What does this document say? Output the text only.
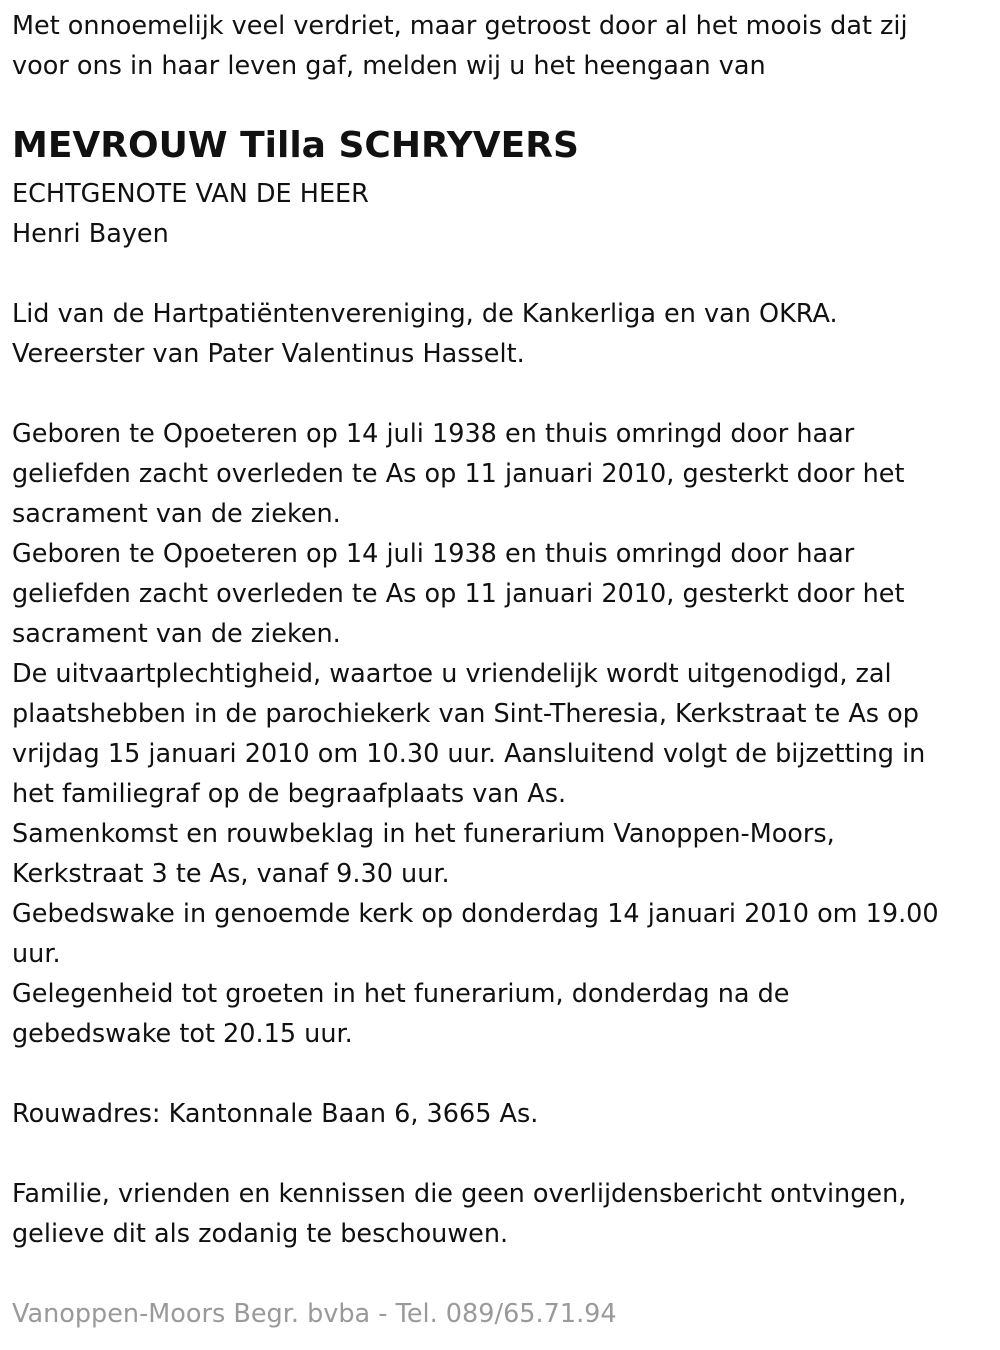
Met onnoemelijk veel verdriet, maar getroost door al het moois dat zij
voor ons in haar leven gaf, melden wij u het heengaan van
MEVROUW Tilla SCHRYVERS
ECHTGENOTE VAN DE HEER
Henri Bayen
Lid van de Hartpatiëntenvereniging, de Kankerliga en van OKRA.
Vereerster van Pater Valentinus Hasselt.
Geboren te Opoeteren op 14 juli 1938 en thuis omringd door haar
geliefden zacht overleden te As op 11 januari 2010, gesterkt door het
sacrament van de zieken.
Geboren te Opoeteren op 14 juli 1938 en thuis omringd door haar
geliefden zacht overleden te As op 11 januari 2010, gesterkt door het
sacrament van de zieken.
De uitvaartplechtigheid, waartoe u vriendelijk wordt uitgenodigd, zal
plaatshebben in de parochiekerk van Sint-Theresia, Kerkstraat te As op
vrijdag 15 januari 2010 om 10.30 uur. Aansluitend volgt de bijzetting in
het familiegraf op de begraafplaats van As.
Samenkomst en rouwbeklag in het funerarium Vanoppen-Moors,
Kerkstraat 3 te As, vanaf 9.30 uur.
Gebedswake in genoemde kerk op donderdag 14 januari 2010 om 19.00
uur.
Gelegenheid tot groeten in het funerarium, donderdag na de
gebedswake tot 20.15 uur.
Rouwadres: Kantonnale Baan 6, 3665 As.
Familie, vrienden en kennissen die geen overlijdensbericht ontvingen,
gelieve dit als zodanig te beschouwen.
Vanoppen-Moors Begr. bvba - Tel. 089/65.71.94
